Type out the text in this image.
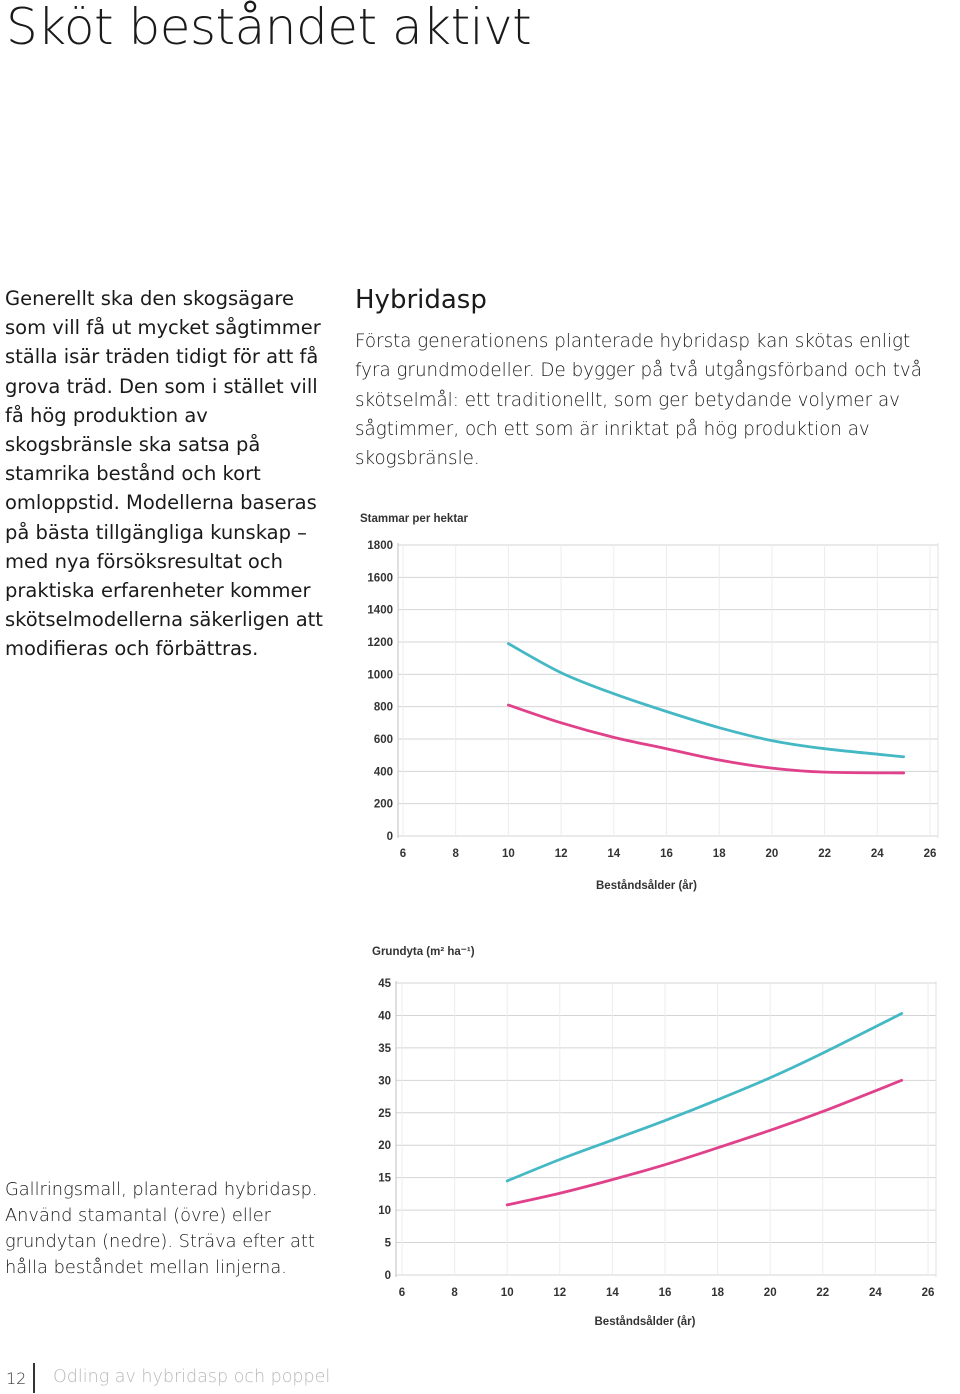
Sköt beståndet aktivt

Generellt ska den skogsägare som vill få ut mycket sågtimmer ställa isär träden tidigt för att få grova träd. Den som i stället vill få hög produktion av skogsbränsle ska satsa på stamrika bestånd och kort omloppstid. Modellerna baseras på bästa tillgängliga kunskap – med nya försöksresultat och praktiska erfarenheter kommer skötselmodellerna säkerligen att modifieras och förbättras.

Hybridasp

Första generationens planterade hybridasp kan skötas enligt fyra grundmodeller. De bygger på två utgångsförband och två skötselmål: ett traditionellt, som ger betydande volymer av sågtimmer, och ett som är inriktat på hög produktion av skogsbränsle.

Stammar per hektar
0
200
400
600
800
1000
1200
1400
1600
1800
6	8	10	12	14	16	18	20	22	24	26
Beståndsålder (år)
Grundyta (m² ha⁻¹)
0
5
10
15
20
25
30
35
40
45
6	8	10	12	14	16	18	20	22	24	26
Beståndsålder (år)

Gallringsmall, planterad hybridasp. Använd stamantal (övre) eller grundytan (nedre). Sträva efter att hålla beståndet mellan linjerna.

12 Odling av hybridasp och poppel
